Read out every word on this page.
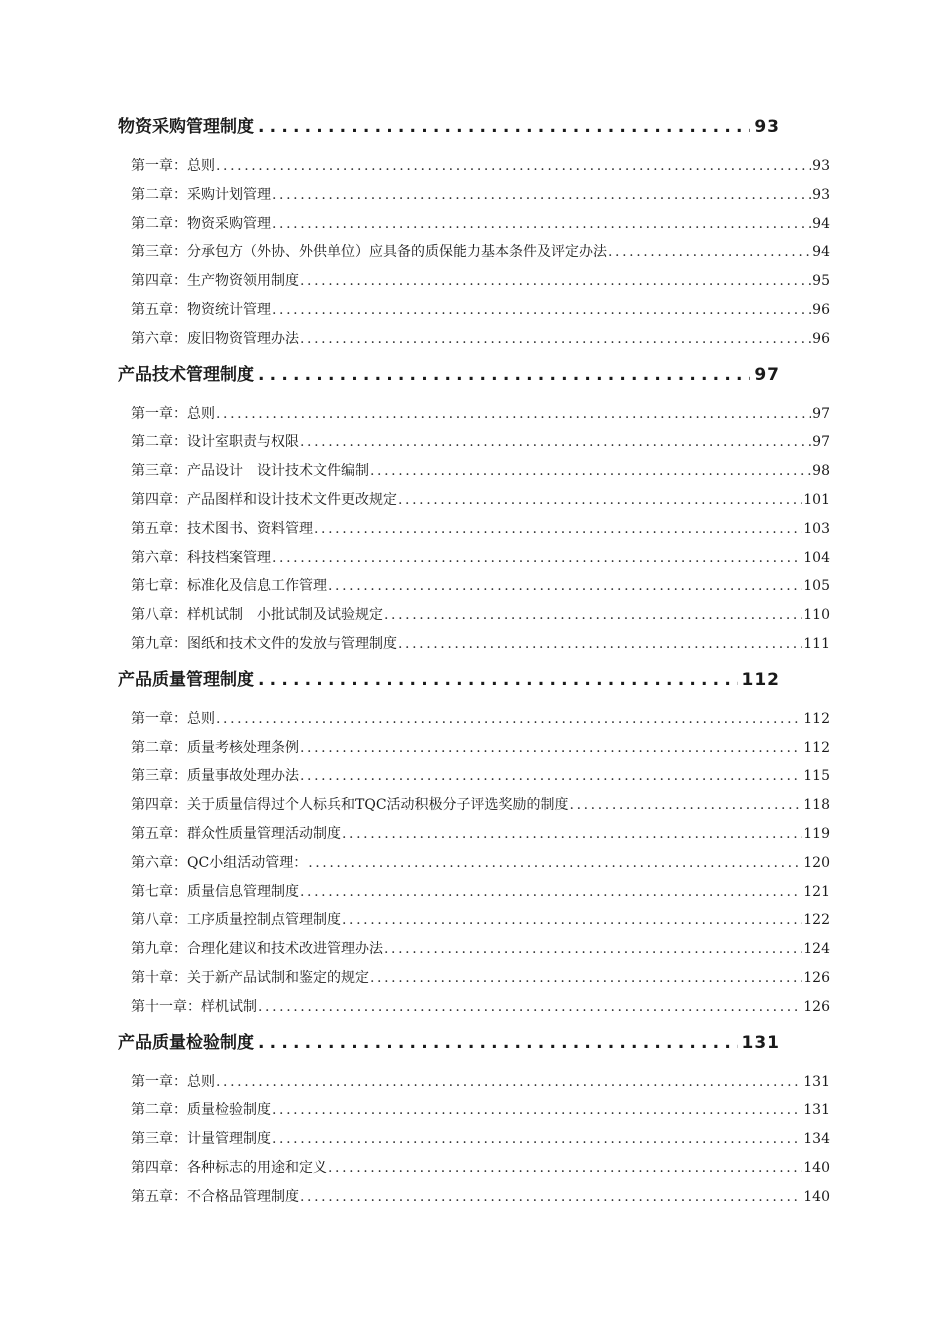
物资采购管理制度 .....	93
第一章： 总则 .....	93
第二章： 采购计划管理 .....	93
第二章： 物资采购管理 .....	94
第三章： 分承包方（外协、外供单位）应具备的质保能力基本条件及评定办法 .....	94
第四章： 生产物资领用制度 .....	95
第五章： 物资统计管理 .....	96
第六章： 废旧物资管理办法 .....	96
产品技术管理制度 .....	97
第一章： 总则 .....	97
第二章： 设计室职责与权限 .....	97
第三章： 产品设计　设计技术文件编制 .....	98
第四章： 产品图样和设计技术文件更改规定 .....	101
第五章： 技术图书、资料管理 .....	103
第六章： 科技档案管理 .....	104
第七章： 标准化及信息工作管理 .....	105
第八章： 样机试制　小批试制及试验规定 .....	110
第九章： 图纸和技术文件的发放与管理制度 .....	111
产品质量管理制度 .....	112
第一章： 总则 .....	112
第二章： 质量考核处理条例 .....	112
第三章： 质量事故处理办法 .....	115
第四章： 关于质量信得过个人标兵和TQC活动积极分子评选奖励的制度 .....	118
第五章： 群众性质量管理活动制度 .....	119
第六章： QC小组活动管理： .....	120
第七章： 质量信息管理制度 .....	121
第八章： 工序质量控制点管理制度 .....	122
第九章： 合理化建议和技术改进管理办法 .....	124
第十章： 关于新产品试制和鉴定的规定 .....	126
第十一章： 样机试制 .....	126
产品质量检验制度 .....	131
第一章： 总则 .....	131
第二章： 质量检验制度 .....	131
第三章： 计量管理制度 .....	134
第四章： 各种标志的用途和定义 .....	140
第五章： 不合格品管理制度 .....	140
